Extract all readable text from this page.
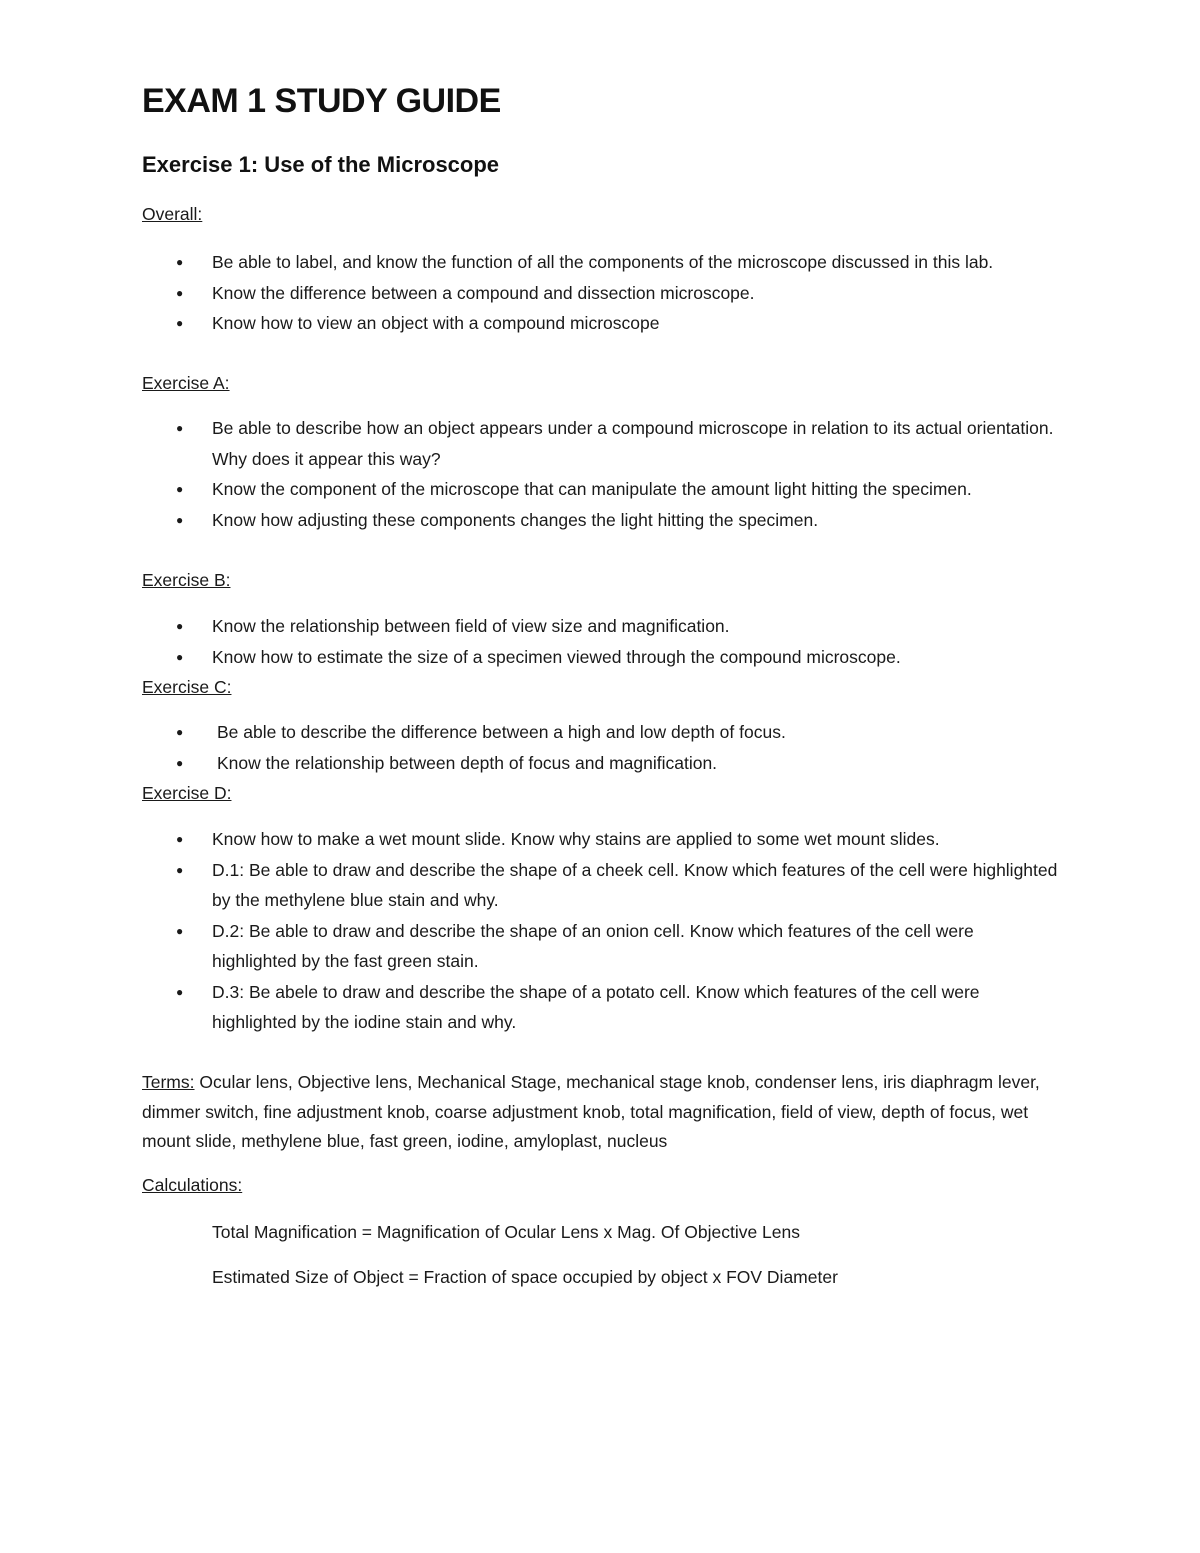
EXAM 1 STUDY GUIDE
Exercise 1: Use of the Microscope
Overall:
● Be able to label, and know the function of all the components of the microscope discussed in this lab.
● Know the difference between a compound and dissection microscope.
● Know how to view an object with a compound microscope
Exercise A:
● Be able to describe how an object appears under a compound microscope in relation to its actual orientation. Why does it appear this way?
● Know the component of the microscope that can manipulate the amount light hitting the specimen.
● Know how adjusting these components changes the light hitting the specimen.
Exercise B:
● Know the relationship between field of view size and magnification.
● Know how to estimate the size of a specimen viewed through the compound microscope.
Exercise C:
● Be able to describe the difference between a high and low depth of focus.
● Know the relationship between depth of focus and magnification.
Exercise D:
● Know how to make a wet mount slide. Know why stains are applied to some wet mount slides.
● D.1: Be able to draw and describe the shape of a cheek cell. Know which features of the cell were highlighted by the methylene blue stain and why.
● D.2: Be able to draw and describe the shape of an onion cell. Know which features of the cell were highlighted by the fast green stain.
● D.3: Be abele to draw and describe the shape of a potato cell. Know which features of the cell were highlighted by the iodine stain and why.
Terms: Ocular lens, Objective lens, Mechanical Stage, mechanical stage knob, condenser lens, iris diaphragm lever, dimmer switch, fine adjustment knob, coarse adjustment knob, total magnification, field of view, depth of focus, wet mount slide, methylene blue, fast green, iodine, amyloplast, nucleus
Calculations:
Total Magnification = Magnification of Ocular Lens x Mag. Of Objective Lens
Estimated Size of Object = Fraction of space occupied by object x FOV Diameter
